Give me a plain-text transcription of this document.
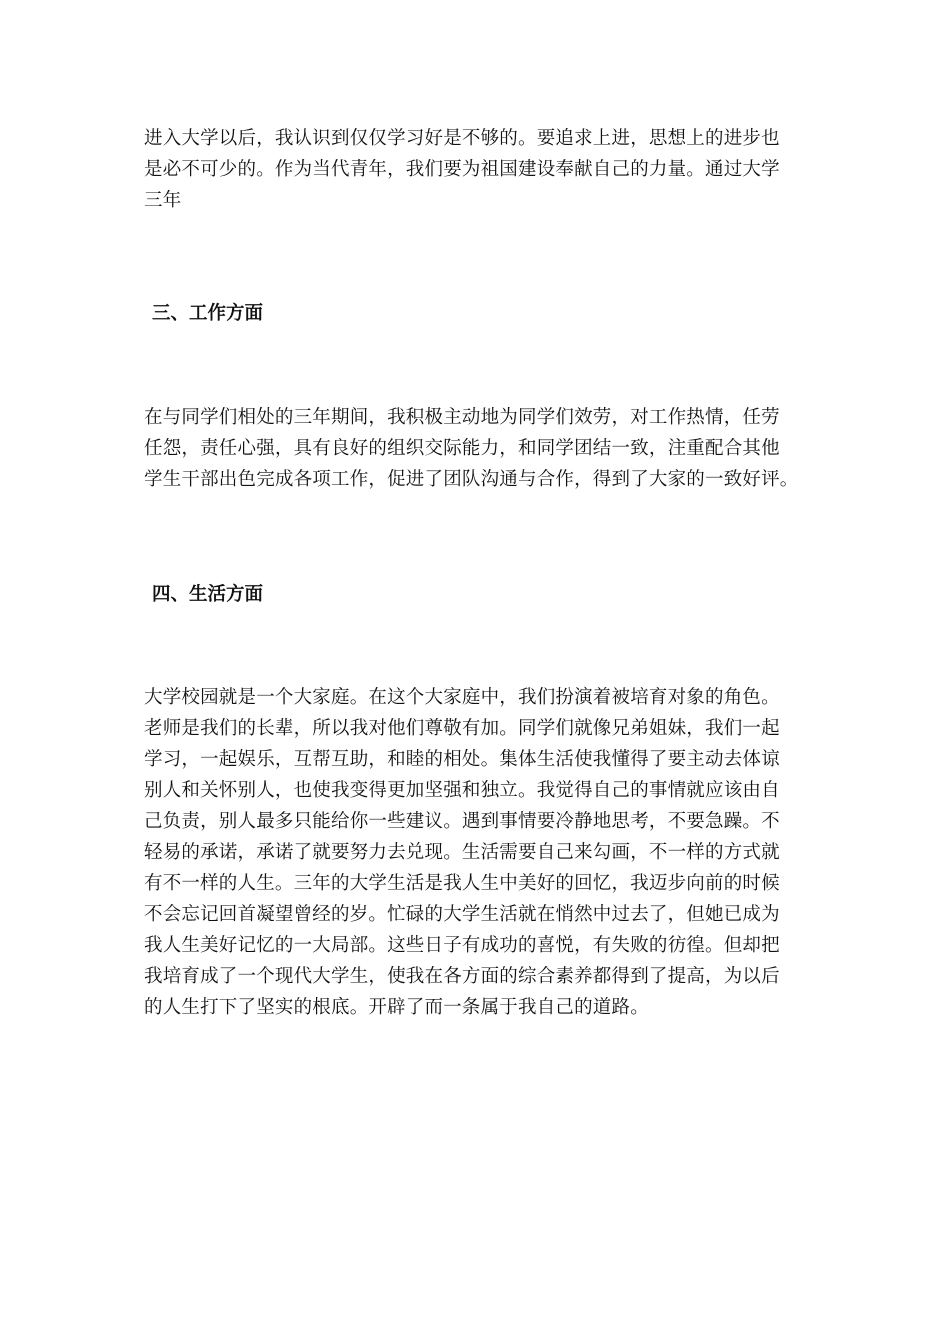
进入大学以后，我认识到仅仅学习好是不够的。要追求上进，思想上的进步也
是必不可少的。作为当代青年，我们要为祖国建设奉献自己的力量。通过大学
三年

三、工作方面

在与同学们相处的三年期间，我积极主动地为同学们效劳，对工作热情，任劳
任怨，责任心强，具有良好的组织交际能力，和同学团结一致，注重配合其他
学生干部出色完成各项工作，促进了团队沟通与合作，得到了大家的一致好评。

四、生活方面

大学校园就是一个大家庭。在这个大家庭中，我们扮演着被培育对象的角色。
老师是我们的长辈，所以我对他们尊敬有加。同学们就像兄弟姐妹，我们一起
学习，一起娱乐，互帮互助，和睦的相处。集体生活使我懂得了要主动去体谅
别人和关怀别人，也使我变得更加坚强和独立。我觉得自己的事情就应该由自
己负责，别人最多只能给你一些建议。遇到事情要冷静地思考，不要急躁。不
轻易的承诺，承诺了就要努力去兑现。生活需要自己来勾画，不一样的方式就
有不一样的人生。三年的大学生活是我人生中美好的回忆，我迈步向前的时候
不会忘记回首凝望曾经的岁。忙碌的大学生活就在悄然中过去了，但她已成为
我人生美好记忆的一大局部。这些日子有成功的喜悦，有失败的彷徨。但却把
我培育成了一个现代大学生，使我在各方面的综合素养都得到了提高，为以后
的人生打下了坚实的根底。开辟了而一条属于我自己的道路。
